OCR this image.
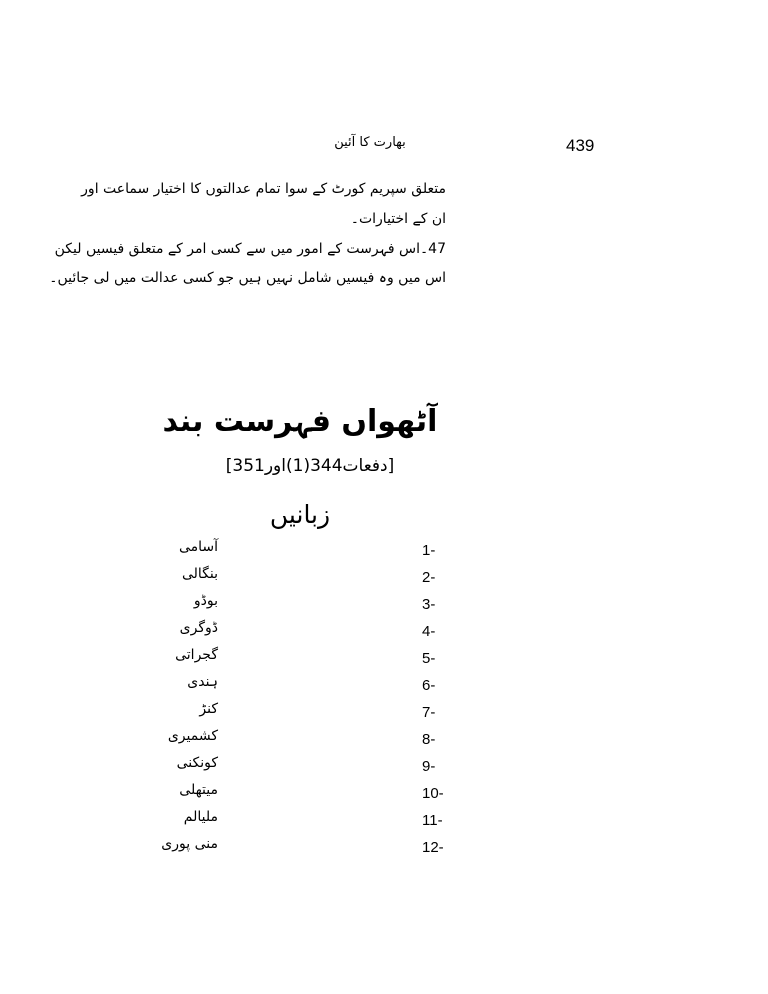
439
بھارت کا آئین
متعلق سپریم کورٹ کے سوا تمام عدالتوں کا اختیار سماعت اور
ان کے اختیارات۔
47۔اس فہرست کے امور میں سے کسی امر کے متعلق فیسیں لیکن
اس میں وہ فیسیں شامل نہیں ہیں جو کسی عدالت میں لی جائیں۔
آٹھواں فہرست بند
[دفعات344(1)اور351]
زبانیں
1-
آسامی
2-
بنگالی
3-
بوڈو
4-
ڈوگری
5-
گجراتی
6-
ہندی
7-
کنڑ
8-
کشمیری
9-
کونکنی
10-
میتھلی
11-
ملیالم
12-
منی پوری
